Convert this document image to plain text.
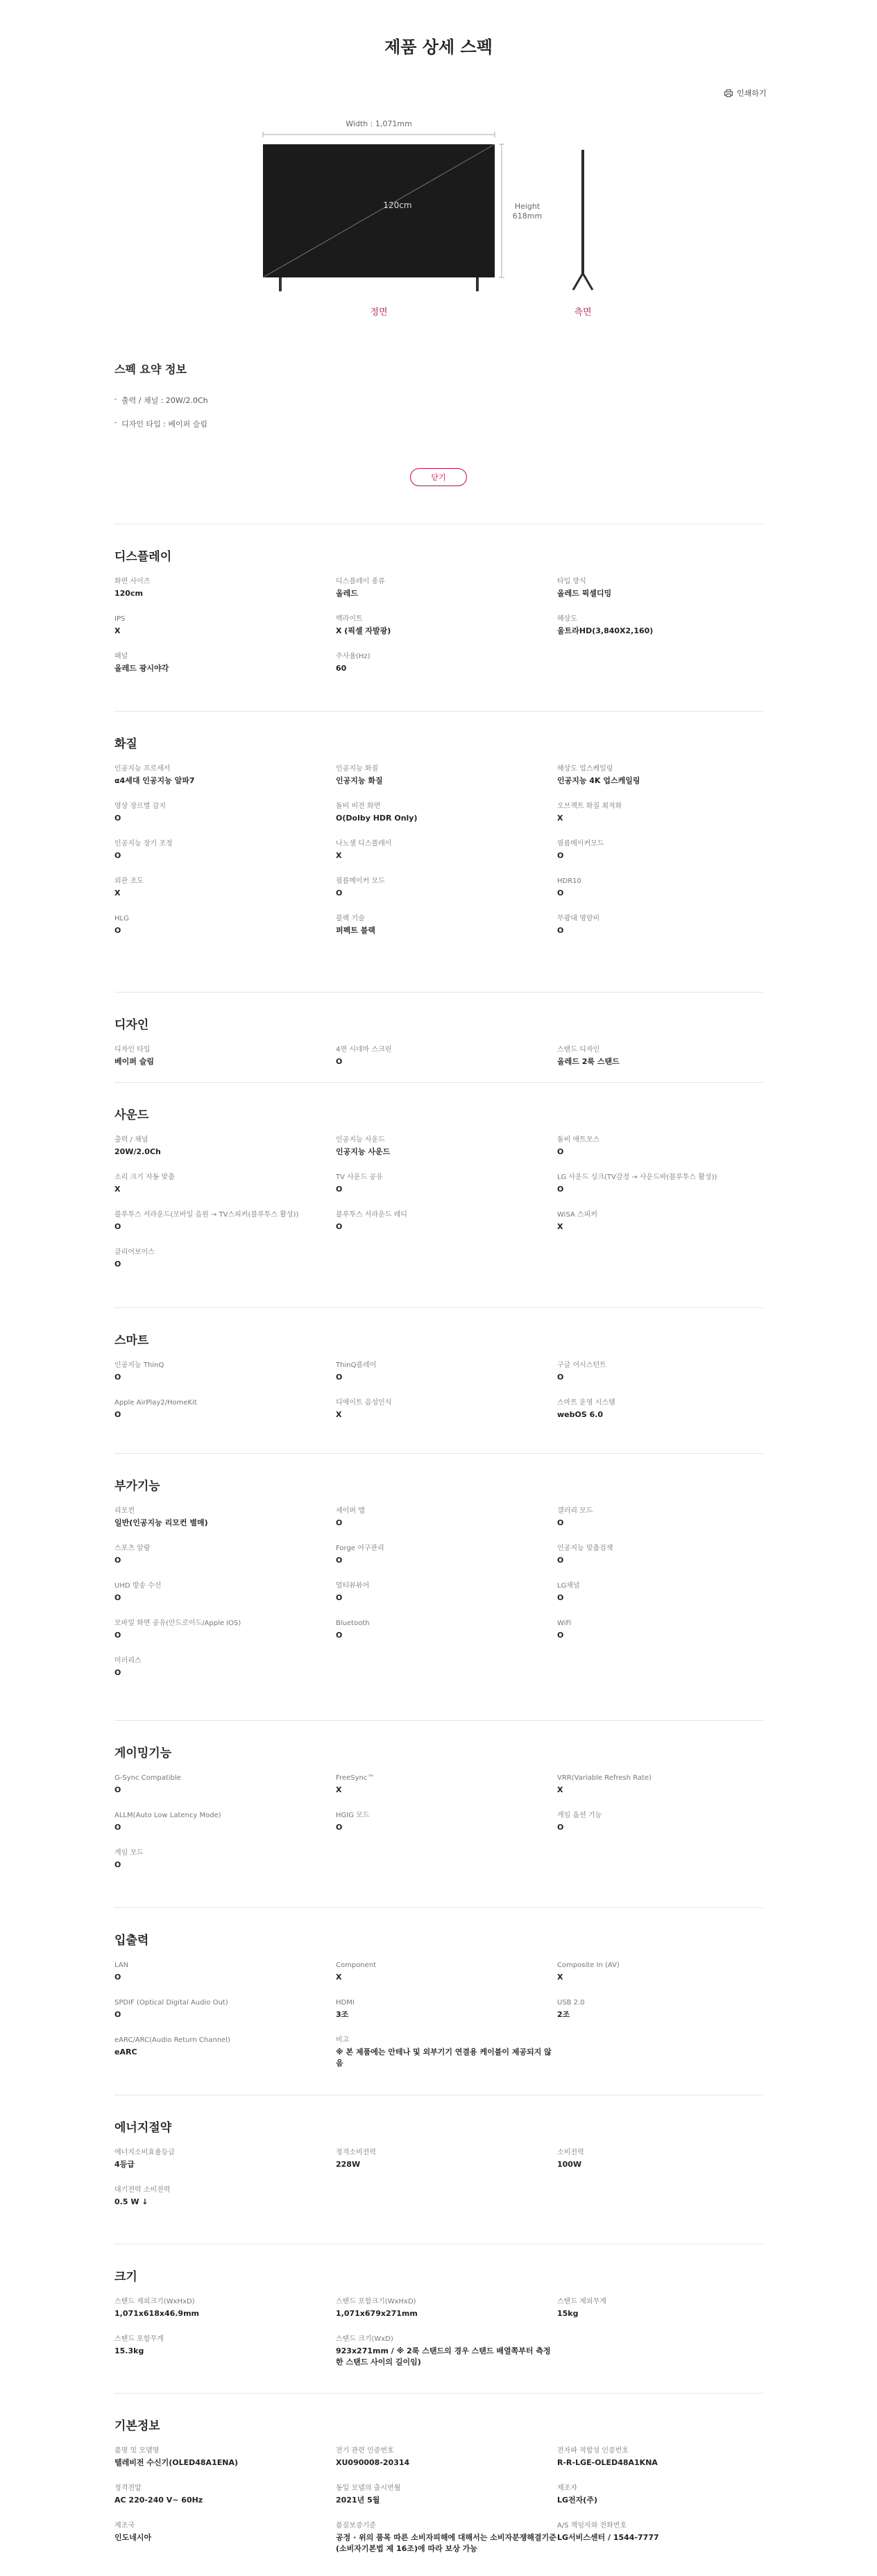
제품 상세 스펙
인쇄하기
Width : 1,071mm
120cm	Height
618mm
정면	측면
스펙 요약 정보
출력 / 채널 : 20W/2.0Ch
디자인 타입 : 베이퍼 슬림
닫기
디스플레이
화면 사이즈
120cm
디스플레이 종류
올레드
타입 방식
올레드 픽셀디밍
IPS
X
백라이트
X (픽셀 자발광)
해상도
울트라HD(3,840X2,160)
패널
올레드 광시야각
주사율(Hz)
60
화질
인공지능 프로세서
α4세대 인공지능 알파7
인공지능 화질
인공지능 화질
해상도 업스케일링
인공지능 4K 업스케일링
영상 장르별 감지
O
돌비 비전 화면
O(Dolby HDR Only)
오브젝트 화질 최적화
X
인공지능 장기 조정
O
나노셀 디스플레이
X
필름메이커모드
O
외관 조도
X
필름메이커 모드
O
HDR10
O
HLG
O
블랙 기술
퍼펙트 블랙
무광대 명암비
O
디자인
디자인 타입
베이퍼 슬림
4면 시네마 스크린
O
스탠드 디자인
올레드 2룩 스탠드
사운드
출력 / 채널
20W/2.0Ch
인공지능 사운드
인공지능 사운드
돌비 애트모스
O
소리 크기 자동 맞춤
X
TV 사운드 공유
O
LG 사운드 싱크(TV감정 → 사운드바(블루투스 활성))
O
블루투스 서라운드(모바일 음원 → TV스피커(블루투스 활성))
O
블루투스 서라운드 레디
O
WiSA 스피커
X
클리어보이스
O
스마트
인공지능 ThinQ
O
ThinQ플레이
O
구글 어시스턴트
O
Apple AirPlay2/HomeKit
O
디에이트 음성인식
X
스마트 운영 시스템
webOS 6.0
부가기능
리모컨
일반(인공지능 리모컨 별매)
세이퍼 맵
O
갤러리 모드
O
스포츠 알람
O
Forge 어구관리
O
인공지능 맞춤검색
O
UHD 방송 수신
O
멀티뷰뷰어
O
LG채널
O
모바일 화면 공유(안드로이드/Apple IOS)
O
Bluetooth
O
WiFi
O
미러리스
O
게이밍기능
G-Sync Compatible
O
FreeSync™
X
VRR(Variable Refresh Rate)
X
ALLM(Auto Low Latency Mode)
O
HGIG 모드
O
게임 옵션 기능
O
게임 모드
O
입출력
LAN
O
Component
X
Composite In (AV)
X
SPDIF (Optical Digital Audio Out)
O
HDMI
3조
USB 2.0
2조
eARC/ARC(Audio Return Channel)
eARC
비고
※ 본 제품에는 안테나 및 외부기기 연결용 케이블이 제공되지 않음
에너지절약
에너지소비효율등급
4등급
정격소비전력
228W
소비전력
100W
대기전력 소비전력
0.5 W ↓
크기
스탠드 제외크기(WxHxD)
1,071x618x46.9mm
스탠드 포함크기(WxHxD)
1,071x679x271mm
스탠드 제외무게
15kg
스탠드 포함무게
15.3kg
스탠드 크기(WxD)
923x271mm / ※ 2룩 스탠드의 경우 스탠드 배열쪽부터 측정한 스탠드 사이의 길이임)
기본정보
품명 및 모델명
텔레비전 수신기(OLED48A1ENA)
전기 관련 인증번호
XU090008-20314
전자파 적합성 인증번호
R-R-LGE-OLED48A1KNA
정격전압
AC 220-240 V~ 60Hz
동일 모델의 출시연월
2021년 5월
제조자
LG전자(주)
제조국
인도네시아
품질보증기준
공정 · 위의 품목 따른 소비자피해에 대해서는 소비자분쟁해결기준(소비자기본법 제 16조)에 따라 보상 가능
A/S 책임자와 전화번호
LG서비스센터 / 1544-7777
